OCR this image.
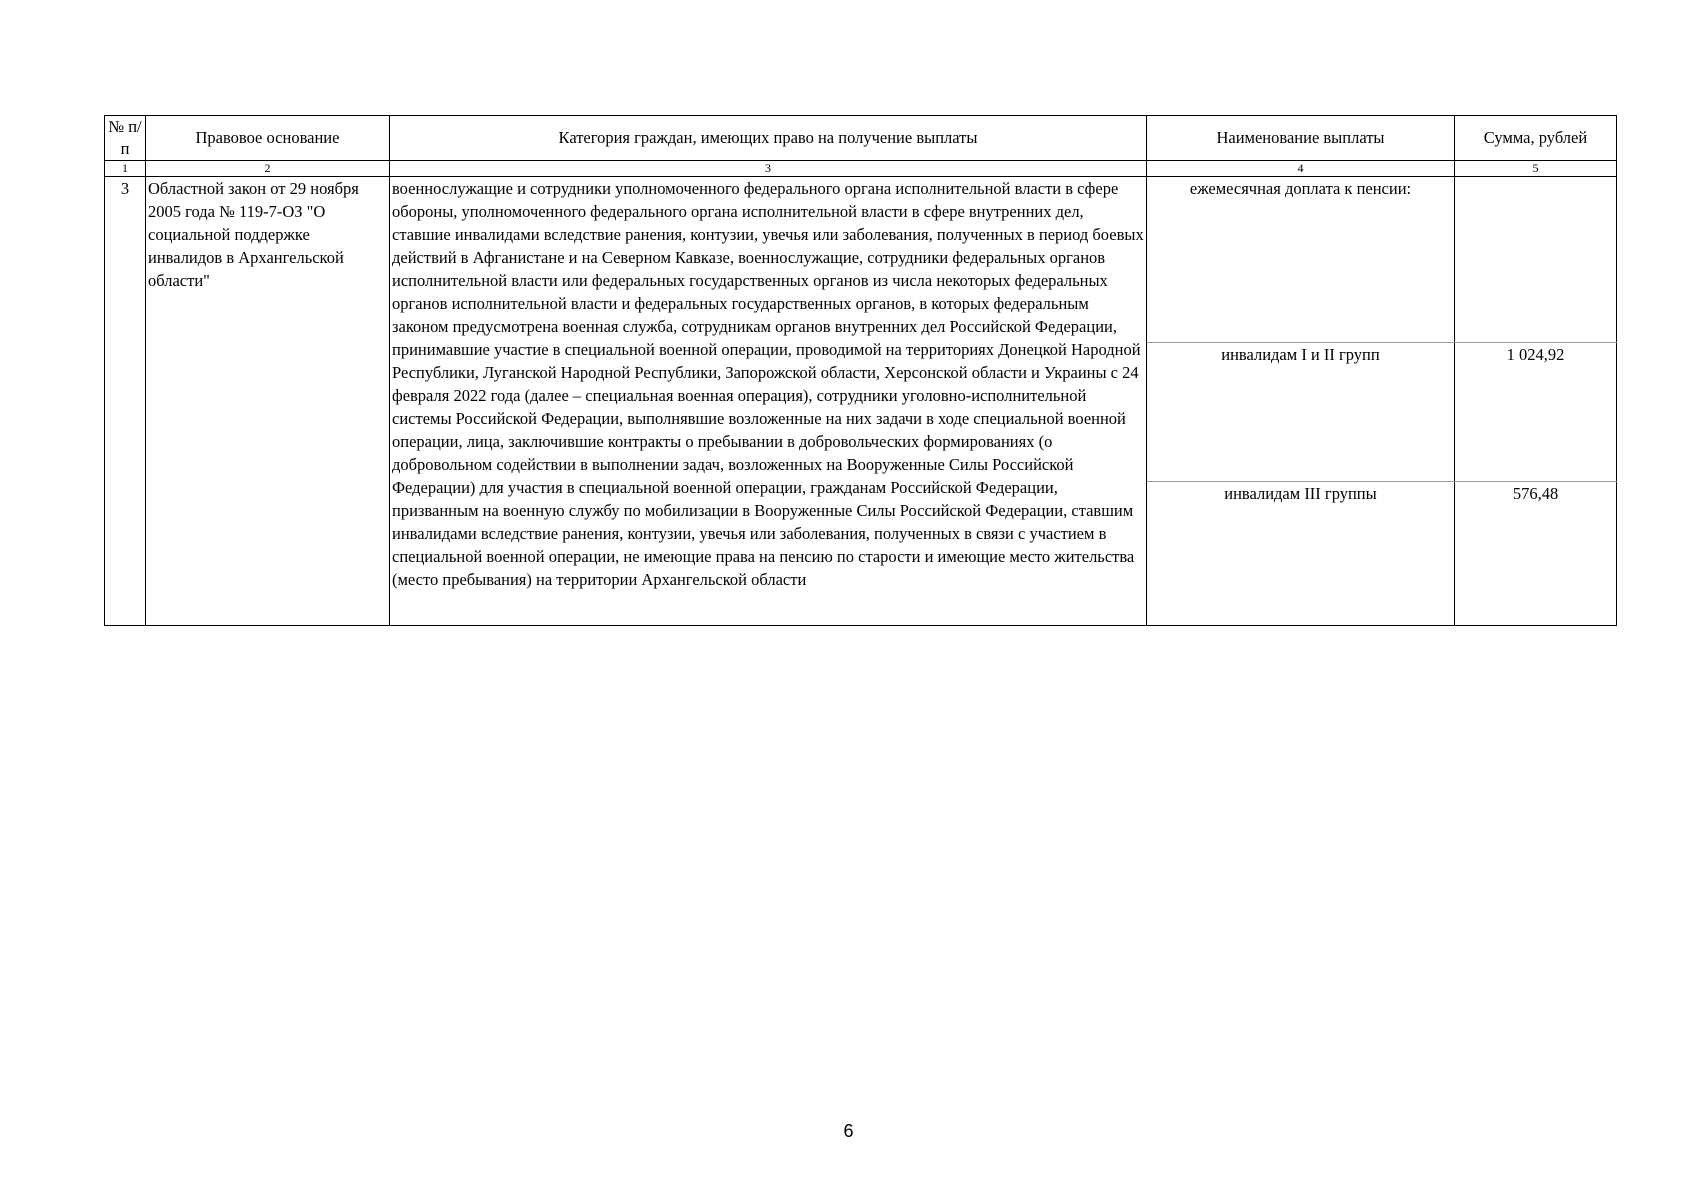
№ п/п	Правовое основание	Категория граждан, имеющих право на получение выплаты	Наименование выплаты	Сумма, рублей
1	2	3	4	5
3	Областной закон от 29 ноября 2005 года № 119-7-ОЗ "О социальной поддержке инвалидов в Архангельской области"	военнослужащие и сотрудники уполномоченного федерального органа исполнительной власти в сфере обороны, уполномоченного федерального органа исполнительной власти в сфере внутренних дел, ставшие инвалидами вследствие ранения, контузии, увечья или заболевания, полученных в период боевых действий в Афганистане и на Северном Кавказе, военнослужащие, сотрудники федеральных органов исполнительной власти или федеральных государственных органов из числа некоторых федеральных органов исполнительной власти и федеральных государственных органов, в которых федеральным законом предусмотрена военная служба, сотрудникам органов внутренних дел Российской Федерации, принимавшие участие в специальной военной операции, проводимой на территориях Донецкой Народной Республики, Луганской Народной Республики, Запорожской области, Херсонской области и Украины с 24 февраля 2022 года (далее – специальная военная операция), сотрудники уголовно-исполнительной системы Российской Федерации, выполнявшие возложенные на них задачи в ходе специальной военной операции, лица, заключившие контракты о пребывании в добровольческих формированиях (о добровольном содействии в выполнении задач, возложенных на Вооруженные Силы Российской Федерации) для участия в специальной военной операции, гражданам Российской Федерации, призванным на военную службу по мобилизации в Вооруженные Силы Российской Федерации, ставшим инвалидами вследствие ранения, контузии, увечья или заболевания, полученных в связи с участием в специальной военной операции, не имеющие права на пенсию по старости и имеющие место жительства (место пребывания) на территории Архангельской области	ежемесячная доплата к пенсии:	
			инвалидам I и II групп	1 024,92
			инвалидам III группы	576,48
6
